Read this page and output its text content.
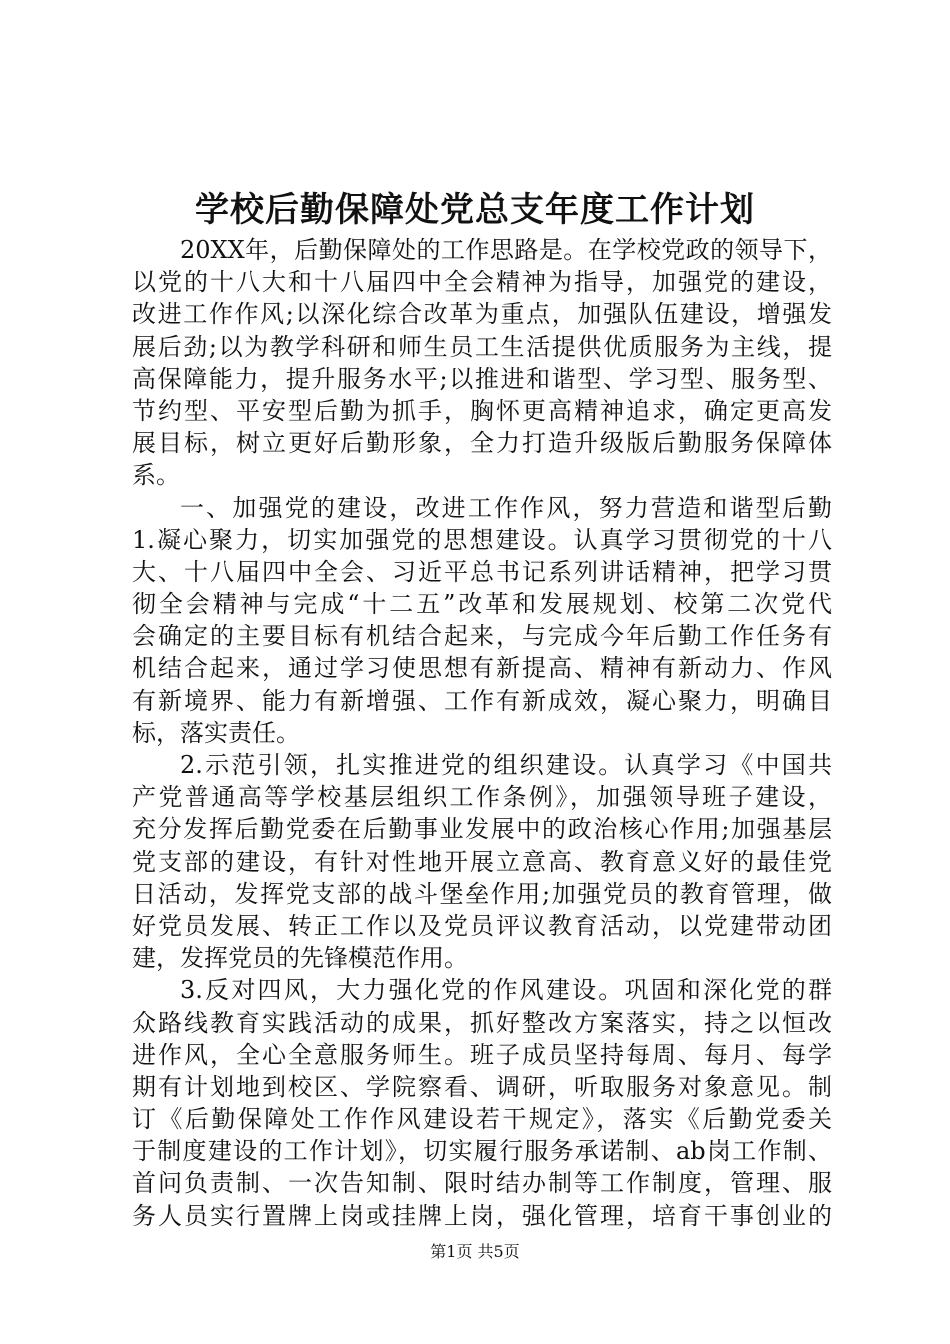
学校后勤保障处党总支年度工作计划
20XX年，后勤保障处的工作思路是。在学校党政的领导下，
以党的十八大和十八届四中全会精神为指导，加强党的建设，
改进工作作风;以深化综合改革为重点，加强队伍建设，增强发
展后劲;以为教学科研和师生员工生活提供优质服务为主线，提
高保障能力，提升服务水平;以推进和谐型、学习型、服务型、
节约型、平安型后勤为抓手，胸怀更高精神追求，确定更高发
展目标，树立更好后勤形象，全力打造升级版后勤服务保障体
系。
一、加强党的建设，改进工作作风，努力营造和谐型后勤
1.凝心聚力，切实加强党的思想建设。认真学习贯彻党的十八
大、十八届四中全会、习近平总书记系列讲话精神，把学习贯
彻全会精神与完成“十二五”改革和发展规划、校第二次党代
会确定的主要目标有机结合起来，与完成今年后勤工作任务有
机结合起来，通过学习使思想有新提高、精神有新动力、作风
有新境界、能力有新增强、工作有新成效，凝心聚力，明确目
标，落实责任。
2.示范引领，扎实推进党的组织建设。认真学习《中国共
产党普通高等学校基层组织工作条例》，加强领导班子建设，
充分发挥后勤党委在后勤事业发展中的政治核心作用;加强基层
党支部的建设，有针对性地开展立意高、教育意义好的最佳党
日活动，发挥党支部的战斗堡垒作用;加强党员的教育管理，做
好党员发展、转正工作以及党员评议教育活动，以党建带动团
建，发挥党员的先锋模范作用。
3.反对四风，大力强化党的作风建设。巩固和深化党的群
众路线教育实践活动的成果，抓好整改方案落实，持之以恒改
进作风，全心全意服务师生。班子成员坚持每周、每月、每学
期有计划地到校区、学院察看、调研，听取服务对象意见。制
订《后勤保障处工作作风建设若干规定》，落实《后勤党委关
于制度建设的工作计划》，切实履行服务承诺制、ab岗工作制、
首问负责制、一次告知制、限时结办制等工作制度，管理、服
务人员实行置牌上岗或挂牌上岗，强化管理，培育干事创业的
第1页 共5页
